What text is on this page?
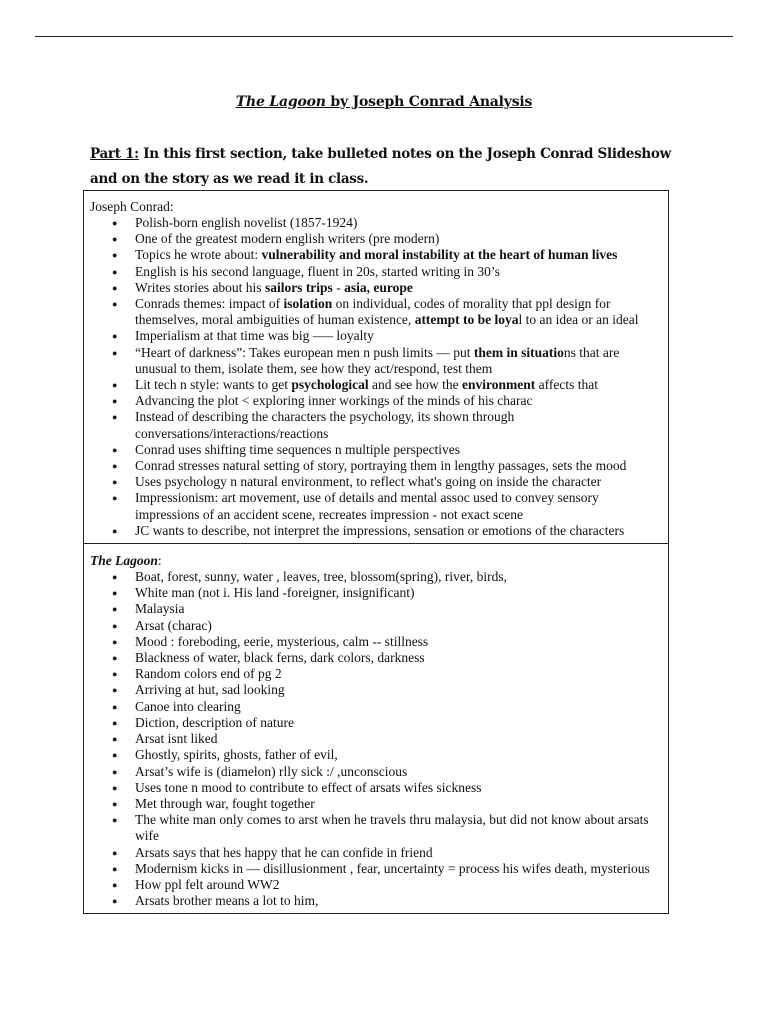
The Lagoon by Joseph Conrad Analysis
Part 1: In this first section, take bulleted notes on the Joseph Conrad Slideshow and on the story as we read it in class.
Joseph Conrad:
● Polish-born english novelist (1857-1924)
● One of the greatest modern english writers (pre modern)
● Topics he wrote about: vulnerability and moral instability at the heart of human lives
● English is his second language, fluent in 20s, started writing in 30’s
● Writes stories about his sailors trips - asia, europe
● Conrads themes: impact of isolation on individual, codes of morality that ppl design for themselves, moral ambiguities of human existence, attempt to be loyal to an idea or an ideal
● Imperialism at that time was big –— loyalty
● “Heart of darkness”: Takes european men n push limits — put them in situations that are unusual to them, isolate them, see how they act/respond, test them
● Lit tech n style: wants to get psychological and see how the environment affects that
● Advancing the plot < exploring inner workings of the minds of his charac
● Instead of describing the characters the psychology, its shown through conversations/interactions/reactions
● Conrad uses shifting time sequences n multiple perspectives
● Conrad stresses natural setting of story, portraying them in lengthy passages, sets the mood
● Uses psychology n natural environment, to reflect what's going on inside the character
● Impressionism: art movement, use of details and mental assoc used to convey sensory impressions of an accident scene, recreates impression - not exact scene
● JC wants to describe, not interpret the impressions, sensation or emotions of the characters
The Lagoon:
● Boat, forest, sunny, water , leaves, tree, blossom(spring), river, birds,
● White man (not i. His land -foreigner, insignificant)
● Malaysia
● Arsat (charac)
● Mood : foreboding, eerie, mysterious, calm -- stillness
● Blackness of water, black ferns, dark colors, darkness
● Random colors end of pg 2
● Arriving at hut, sad looking
● Canoe into clearing
● Diction, description of nature
● Arsat isnt liked
● Ghostly, spirits, ghosts, father of evil,
● Arsat’s wife is (diamelon) rlly sick :/ ,unconscious
● Uses tone n mood to contribute to effect of arsats wifes sickness
● Met through war, fought together
● The white man only comes to arst when he travels thru malaysia, but did not know about arsats wife
● Arsats says that hes happy that he can confide in friend
● Modernism kicks in — disillusionment , fear, uncertainty = process his wifes death, mysterious
● How ppl felt around WW2
● Arsats brother means a lot to him,
